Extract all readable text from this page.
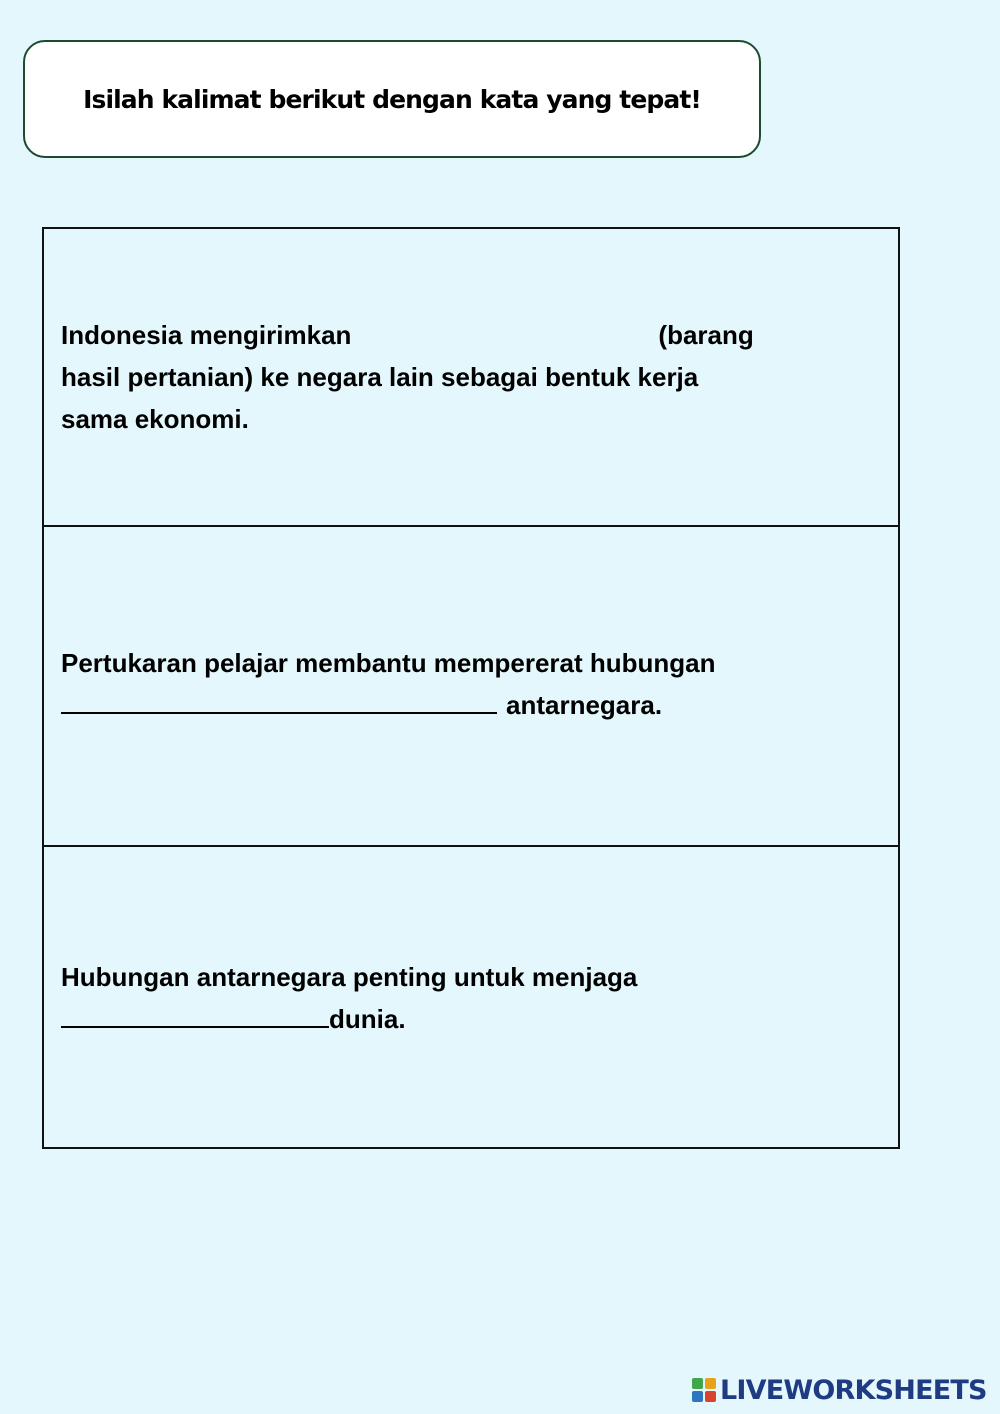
Isilah kalimat berikut dengan kata yang tepat!
Indonesia mengirimkan	(barang
hasil pertanian) ke negara lain sebagai bentuk kerja
sama ekonomi.
Pertukaran pelajar membantu mempererat hubungan
antarnegara.
Hubungan antarnegara penting untuk menjaga
dunia.
LIVEWORKSHEETS
